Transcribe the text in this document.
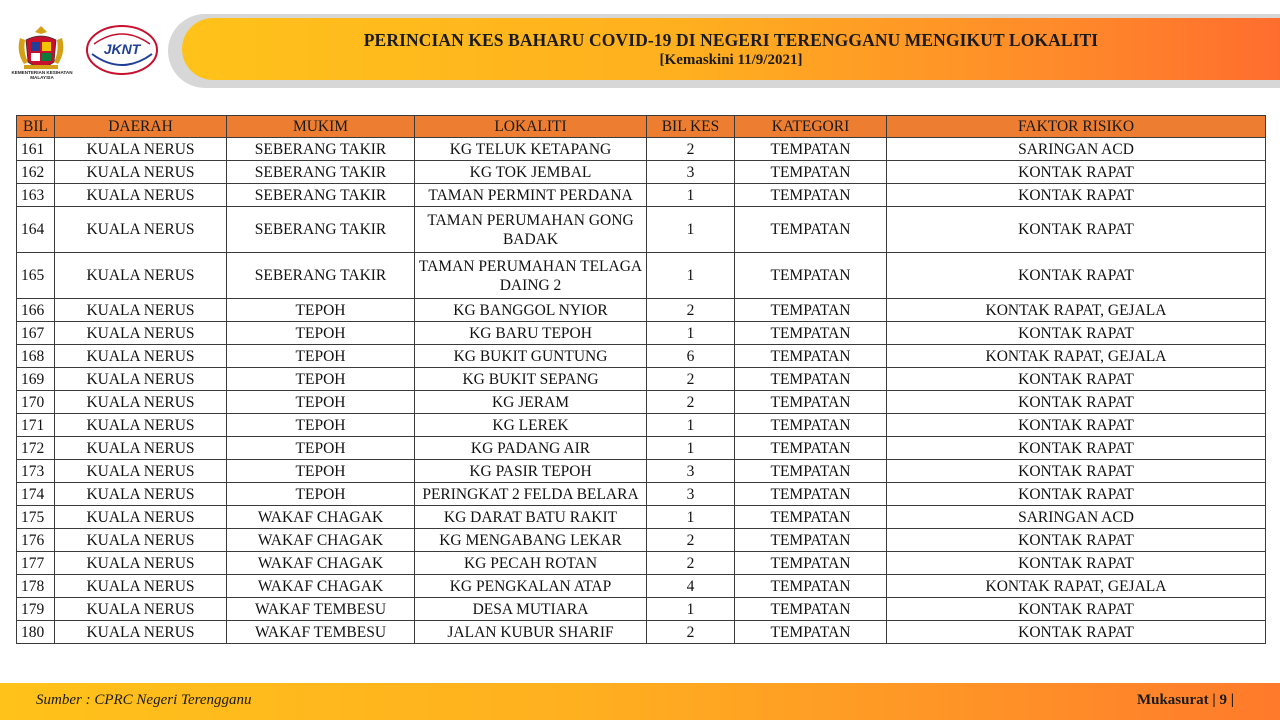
PERINCIAN KES BAHARU COVID-19 DI NEGERI TERENGGANU MENGIKUT LOKALITI
[Kemaskini 11/9/2021]
KEMENTERIAN KESIHATAN MALAYSIA
JKNT
BIL	DAERAH	MUKIM	LOKALITI	BIL KES	KATEGORI	FAKTOR RISIKO
161	KUALA NERUS	SEBERANG TAKIR	KG TELUK KETAPANG	2	TEMPATAN	SARINGAN ACD
162	KUALA NERUS	SEBERANG TAKIR	KG TOK JEMBAL	3	TEMPATAN	KONTAK RAPAT
163	KUALA NERUS	SEBERANG TAKIR	TAMAN PERMINT PERDANA	1	TEMPATAN	KONTAK RAPAT
164	KUALA NERUS	SEBERANG TAKIR	TAMAN PERUMAHAN GONG BADAK	1	TEMPATAN	KONTAK RAPAT
165	KUALA NERUS	SEBERANG TAKIR	TAMAN PERUMAHAN TELAGA DAING 2	1	TEMPATAN	KONTAK RAPAT
166	KUALA NERUS	TEPOH	KG BANGGOL NYIOR	2	TEMPATAN	KONTAK RAPAT, GEJALA
167	KUALA NERUS	TEPOH	KG BARU TEPOH	1	TEMPATAN	KONTAK RAPAT
168	KUALA NERUS	TEPOH	KG BUKIT GUNTUNG	6	TEMPATAN	KONTAK RAPAT, GEJALA
169	KUALA NERUS	TEPOH	KG BUKIT SEPANG	2	TEMPATAN	KONTAK RAPAT
170	KUALA NERUS	TEPOH	KG JERAM	2	TEMPATAN	KONTAK RAPAT
171	KUALA NERUS	TEPOH	KG LEREK	1	TEMPATAN	KONTAK RAPAT
172	KUALA NERUS	TEPOH	KG PADANG AIR	1	TEMPATAN	KONTAK RAPAT
173	KUALA NERUS	TEPOH	KG PASIR TEPOH	3	TEMPATAN	KONTAK RAPAT
174	KUALA NERUS	TEPOH	PERINGKAT 2 FELDA BELARA	3	TEMPATAN	KONTAK RAPAT
175	KUALA NERUS	WAKAF CHAGAK	KG DARAT BATU RAKIT	1	TEMPATAN	SARINGAN ACD
176	KUALA NERUS	WAKAF CHAGAK	KG MENGABANG LEKAR	2	TEMPATAN	KONTAK RAPAT
177	KUALA NERUS	WAKAF CHAGAK	KG PECAH ROTAN	2	TEMPATAN	KONTAK RAPAT
178	KUALA NERUS	WAKAF CHAGAK	KG PENGKALAN ATAP	4	TEMPATAN	KONTAK RAPAT, GEJALA
179	KUALA NERUS	WAKAF TEMBESU	DESA MUTIARA	1	TEMPATAN	KONTAK RAPAT
180	KUALA NERUS	WAKAF TEMBESU	JALAN KUBUR SHARIF	2	TEMPATAN	KONTAK RAPAT
Sumber : CPRC Negeri Terengganu	Mukasurat | 9 |
